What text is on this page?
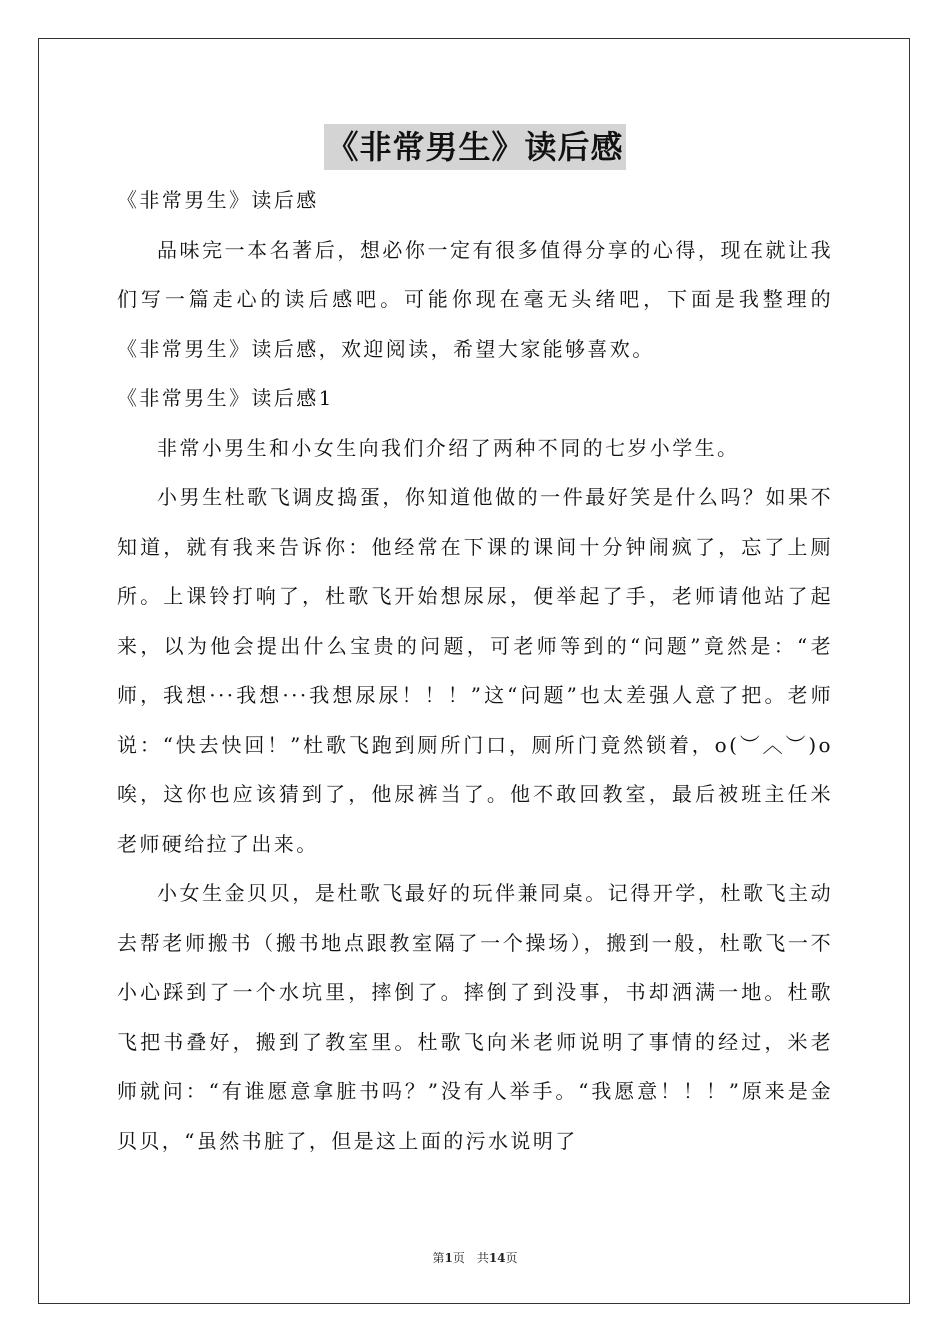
《非常男生》读后感

《非常男生》读后感

品味完一本名著后，想必你一定有很多值得分享的心得，现在就让我们写一篇走心的读后感吧。可能你现在毫无头绪吧，下面是我整理的《非常男生》读后感，欢迎阅读，希望大家能够喜欢。

《非常男生》读后感1

非常小男生和小女生向我们介绍了两种不同的七岁小学生。

小男生杜歌飞调皮捣蛋，你知道他做的一件最好笑是什么吗？如果不知道，就有我来告诉你：他经常在下课的课间十分钟闹疯了，忘了上厕所。上课铃打响了，杜歌飞开始想尿尿，便举起了手，老师请他站了起来，以为他会提出什么宝贵的问题，可老师等到的“问题”竟然是：“老师，我想···我想···我想尿尿！！！”这“问题”也太差强人意了把。老师说：“快去快回！”杜歌飞跑到厕所门口，厕所门竟然锁着，o(︶︿︶)o唉，这你也应该猜到了，他尿裤当了。他不敢回教室，最后被班主任米老师硬给拉了出来。

小女生金贝贝，是杜歌飞最好的玩伴兼同桌。记得开学，杜歌飞主动去帮老师搬书（搬书地点跟教室隔了一个操场），搬到一般，杜歌飞一不小心踩到了一个水坑里，摔倒了。摔倒了到没事，书却洒满一地。杜歌飞把书叠好，搬到了教室里。杜歌飞向米老师说明了事情的经过，米老师就问：“有谁愿意拿脏书吗？”没有人举手。“我愿意！！！”原来是金贝贝，“虽然书脏了，但是这上面的污水说明了

第1页　共14页
